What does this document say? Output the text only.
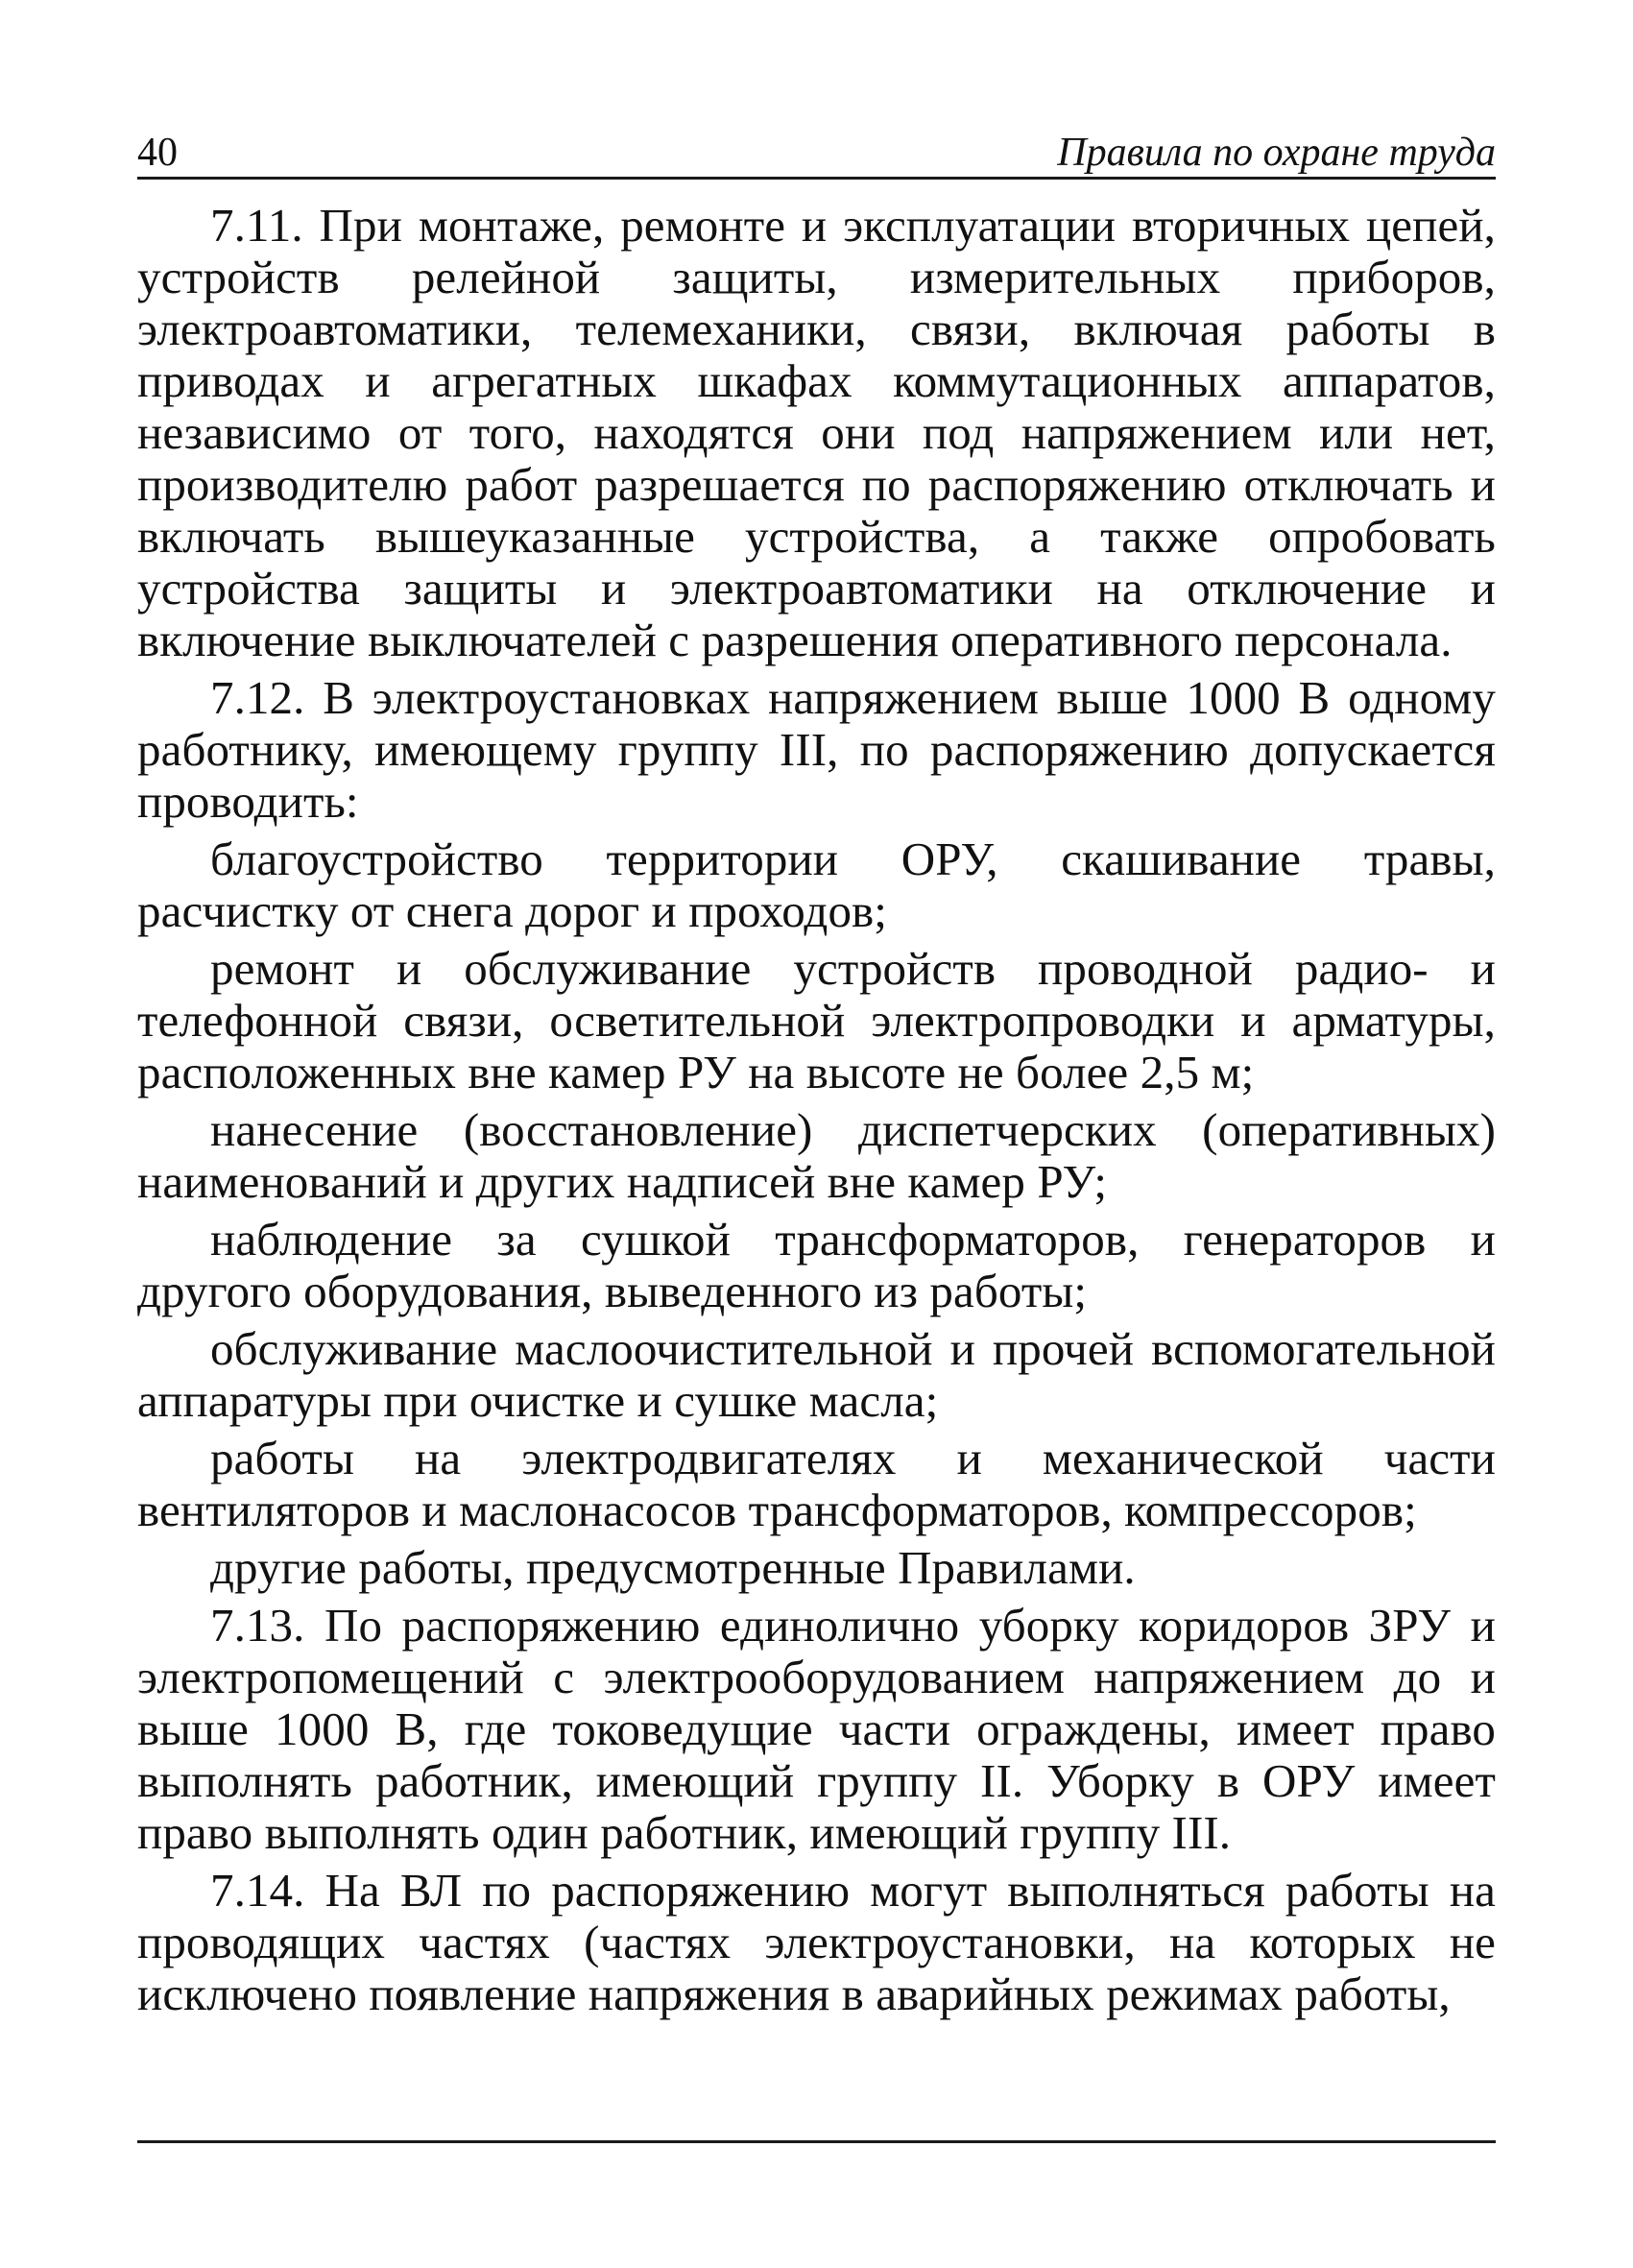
40	Правила по охране труда

7.11. При монтаже, ремонте и эксплуатации вторичных цепей, устройств релейной защиты, измерительных приборов, электроавтоматики, телемеханики, связи, включая работы в приводах и агрегатных шкафах коммутационных аппаратов, независимо от того, находятся они под напряжением или нет, производителю работ разрешается по распоряжению отключать и включать вышеуказанные устройства, а также опробовать устройства защиты и электроавтоматики на отключение и включение выключателей с разрешения оперативного персонала.

7.12. В электроустановках напряжением выше 1000 В одному работнику, имеющему группу III, по распоряжению допускается проводить:

благоустройство территории ОРУ, скашивание травы, расчистку от снега дорог и проходов;

ремонт и обслуживание устройств проводной радио- и телефонной связи, осветительной электропроводки и арматуры, расположенных вне камер РУ на высоте не более 2,5 м;

нанесение (восстановление) диспетчерских (оперативных) наименований и других надписей вне камер РУ;

наблюдение за сушкой трансформаторов, генераторов и другого оборудования, выведенного из работы;

обслуживание маслоочистительной и прочей вспомогательной аппаратуры при очистке и сушке масла;

работы на электродвигателях и механической части вентиляторов и маслонасосов трансформаторов, компрессоров;

другие работы, предусмотренные Правилами.

7.13. По распоряжению единолично уборку коридоров ЗРУ и электропомещений с электрооборудованием напряжением до и выше 1000 В, где токоведущие части ограждены, имеет право выполнять работник, имеющий группу II. Уборку в ОРУ имеет право выполнять один работник, имеющий группу III.

7.14. На ВЛ по распоряжению могут выполняться работы на проводящих частях (частях электроустановки, на которых не исключено появление напряжения в аварийных режимах работы,
